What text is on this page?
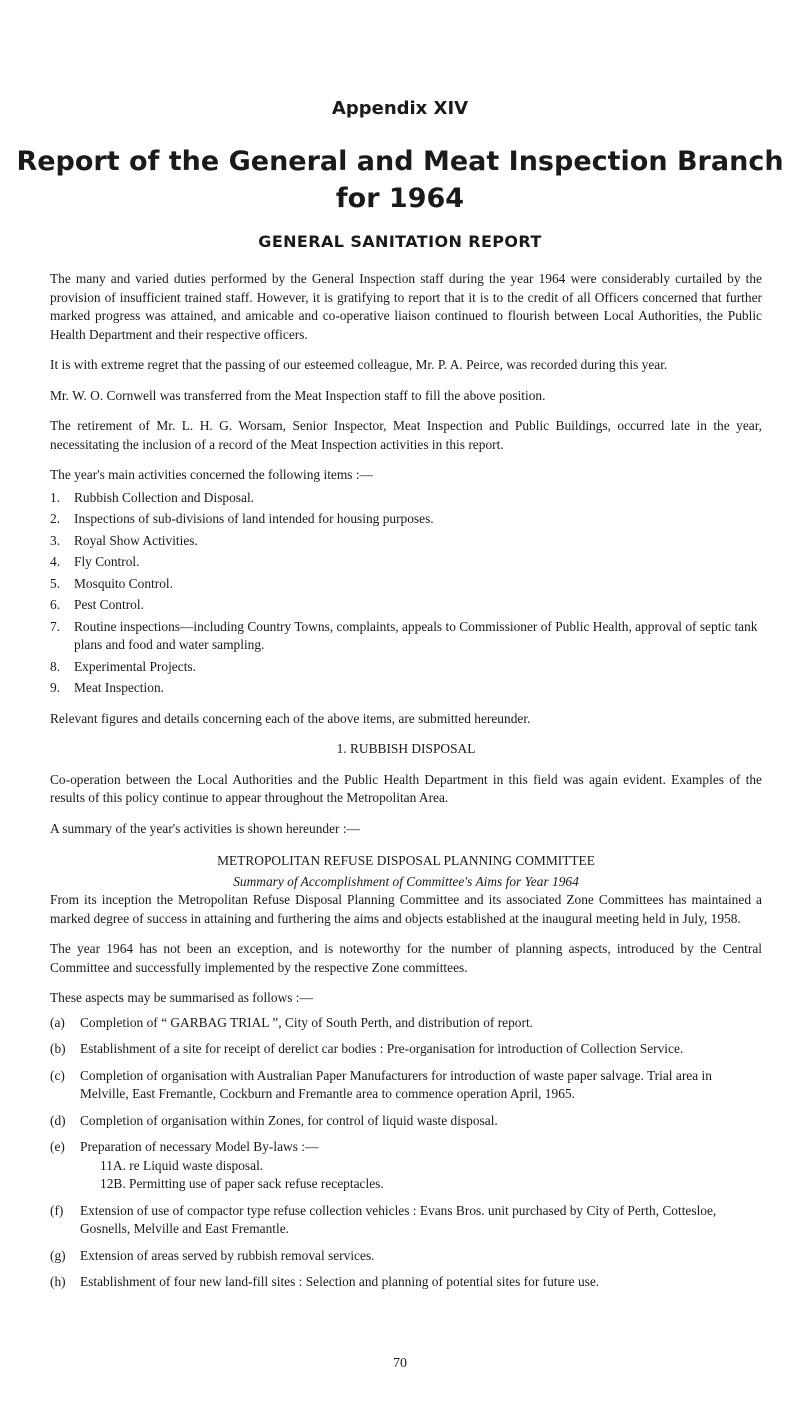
Appendix XIV
Report of the General and Meat Inspection Branch
for 1964
GENERAL SANITATION REPORT

The many and varied duties performed by the General Inspection staff during the year 1964 were considerably curtailed by the provision of insufficient trained staff. However, it is gratifying to report that it is to the credit of all Officers concerned that further marked progress was attained, and amicable and co-operative liaison continued to flourish between Local Authorities, the Public Health Department and their respective officers.

It is with extreme regret that the passing of our esteemed colleague, Mr. P. A. Peirce, was recorded during this year.

Mr. W. O. Cornwell was transferred from the Meat Inspection staff to fill the above position.

The retirement of Mr. L. H. G. Worsam, Senior Inspector, Meat Inspection and Public Buildings, occurred late in the year, necessitating the inclusion of a record of the Meat Inspection activities in this report.

The year's main activities concerned the following items :—

1. Rubbish Collection and Disposal.
2. Inspections of sub-divisions of land intended for housing purposes.
3. Royal Show Activities.
4. Fly Control.
5. Mosquito Control.
6. Pest Control.
7. Routine inspections—including Country Towns, complaints, appeals to Commissioner of Public Health, approval of septic tank plans and food and water sampling.
8. Experimental Projects.
9. Meat Inspection.

Relevant figures and details concerning each of the above items, are submitted hereunder.

1. RUBBISH DISPOSAL

Co-operation between the Local Authorities and the Public Health Department in this field was again evident. Examples of the results of this policy continue to appear throughout the Metropolitan Area.

A summary of the year's activities is shown hereunder :—

METROPOLITAN REFUSE DISPOSAL PLANNING COMMITTEE
Summary of Accomplishment of Committee's Aims for Year 1964

From its inception the Metropolitan Refuse Disposal Planning Committee and its associated Zone Committees has maintained a marked degree of success in attaining and furthering the aims and objects established at the inaugural meeting held in July, 1958.

The year 1964 has not been an exception, and is noteworthy for the number of planning aspects, introduced by the Central Committee and successfully implemented by the respective Zone committees.

These aspects may be summarised as follows :—

(a) Completion of “ GARBAG TRIAL ”, City of South Perth, and distribution of report.
(b) Establishment of a site for receipt of derelict car bodies : Pre-organisation for introduction of Collection Service.
(c) Completion of organisation with Australian Paper Manufacturers for introduction of waste paper salvage. Trial area in Melville, East Fremantle, Cockburn and Fremantle area to commence operation April, 1965.
(d) Completion of organisation within Zones, for control of liquid waste disposal.
(e) Preparation of necessary Model By-laws :—
11A. re Liquid waste disposal.
12B. Permitting use of paper sack refuse receptacles.
(f) Extension of use of compactor type refuse collection vehicles : Evans Bros. unit purchased by City of Perth, Cottesloe, Gosnells, Melville and East Fremantle.
(g) Extension of areas served by rubbish removal services.
(h) Establishment of four new land-fill sites : Selection and planning of potential sites for future use.
70
